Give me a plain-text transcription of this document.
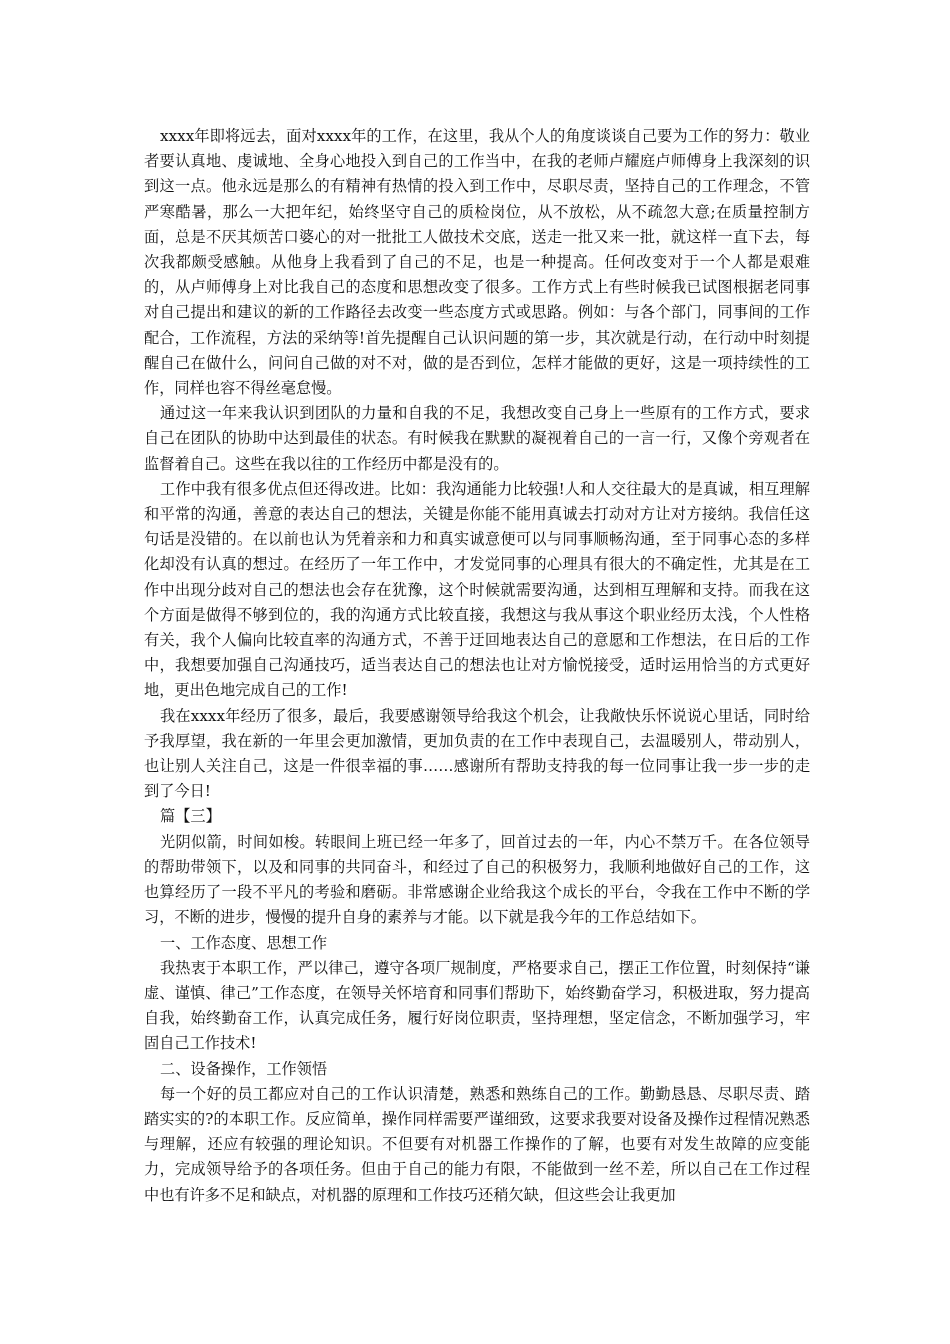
xxxx年即将远去，面对xxxx年的工作，在这里，我从个人的角度谈谈自己要为工作的努力：敬业者要认真地、虔诚地、全身心地投入到自己的工作当中，在我的老师卢耀庭卢师傅身上我深刻的识到这一点。他永远是那么的有精神有热情的投入到工作中，尽职尽责，坚持自己的工作理念，不管严寒酷暑，那么一大把年纪，始终坚守自己的质检岗位，从不放松，从不疏忽大意;在质量控制方面，总是不厌其烦苦口婆心的对一批批工人做技术交底，送走一批又来一批，就这样一直下去，每次我都颇受感触。从他身上我看到了自己的不足，也是一种提高。任何改变对于一个人都是艰难的，从卢师傅身上对比我自己的态度和思想改变了很多。工作方式上有些时候我已试图根据老同事对自己提出和建议的新的工作路径去改变一些态度方式或思路。例如：与各个部门，同事间的工作配合，工作流程，方法的采纳等!首先提醒自己认识问题的第一步，其次就是行动，在行动中时刻提醒自己在做什么，问问自己做的对不对，做的是否到位，怎样才能做的更好，这是一项持续性的工作，同样也容不得丝毫怠慢。

通过这一年来我认识到团队的力量和自我的不足，我想改变自己身上一些原有的工作方式，要求自己在团队的协助中达到最佳的状态。有时候我在默默的凝视着自己的一言一行，又像个旁观者在监督着自己。这些在我以往的工作经历中都是没有的。

工作中我有很多优点但还得改进。比如：我沟通能力比较强!人和人交往最大的是真诚，相互理解和平常的沟通，善意的表达自己的想法，关键是你能不能用真诚去打动对方让对方接纳。我信任这句话是没错的。在以前也认为凭着亲和力和真实诚意便可以与同事顺畅沟通，至于同事心态的多样化却没有认真的想过。在经历了一年工作中，才发觉同事的心理具有很大的不确定性，尤其是在工作中出现分歧对自己的想法也会存在犹豫，这个时候就需要沟通，达到相互理解和支持。而我在这个方面是做得不够到位的，我的沟通方式比较直接，我想这与我从事这个职业经历太浅，个人性格有关，我个人偏向比较直率的沟通方式，不善于迂回地表达自己的意愿和工作想法，在日后的工作中，我想要加强自己沟通技巧，适当表达自己的想法也让对方愉悦接受，适时运用恰当的方式更好地，更出色地完成自己的工作!

我在xxxx年经历了很多，最后，我要感谢领导给我这个机会，让我敞快乐怀说说心里话，同时给予我厚望，我在新的一年里会更加激情，更加负责的在工作中表现自己，去温暖别人，带动别人，也让别人关注自己，这是一件很幸福的事……感谢所有帮助支持我的每一位同事让我一步一步的走到了今日!

篇【三】

光阴似箭，时间如梭。转眼间上班已经一年多了，回首过去的一年，内心不禁万千。在各位领导的帮助带领下，以及和同事的共同奋斗，和经过了自己的积极努力，我顺利地做好自己的工作，这也算经历了一段不平凡的考验和磨砺。非常感谢企业给我这个成长的平台，令我在工作中不断的学习，不断的进步，慢慢的提升自身的素养与才能。以下就是我今年的工作总结如下。

一、工作态度、思想工作

我热衷于本职工作，严以律己，遵守各项厂规制度，严格要求自己，摆正工作位置，时刻保持“谦虚、谨慎、律己”工作态度，在领导关怀培育和同事们帮助下，始终勤奋学习，积极进取，努力提高自我，始终勤奋工作，认真完成任务，履行好岗位职责，坚持理想，坚定信念，不断加强学习，牢固自己工作技术!

二、设备操作，工作领悟

每一个好的员工都应对自己的工作认识清楚，熟悉和熟练自己的工作。勤勤恳恳、尽职尽责、踏踏实实的?的本职工作。反应简单，操作同样需要严谨细致，这要求我要对设备及操作过程情况熟悉与理解，还应有较强的理论知识。不但要有对机器工作操作的了解，也要有对发生故障的应变能力，完成领导给予的各项任务。但由于自己的能力有限，不能做到一丝不差，所以自己在工作过程中也有许多不足和缺点，对机器的原理和工作技巧还稍欠缺，但这些会让我更加
